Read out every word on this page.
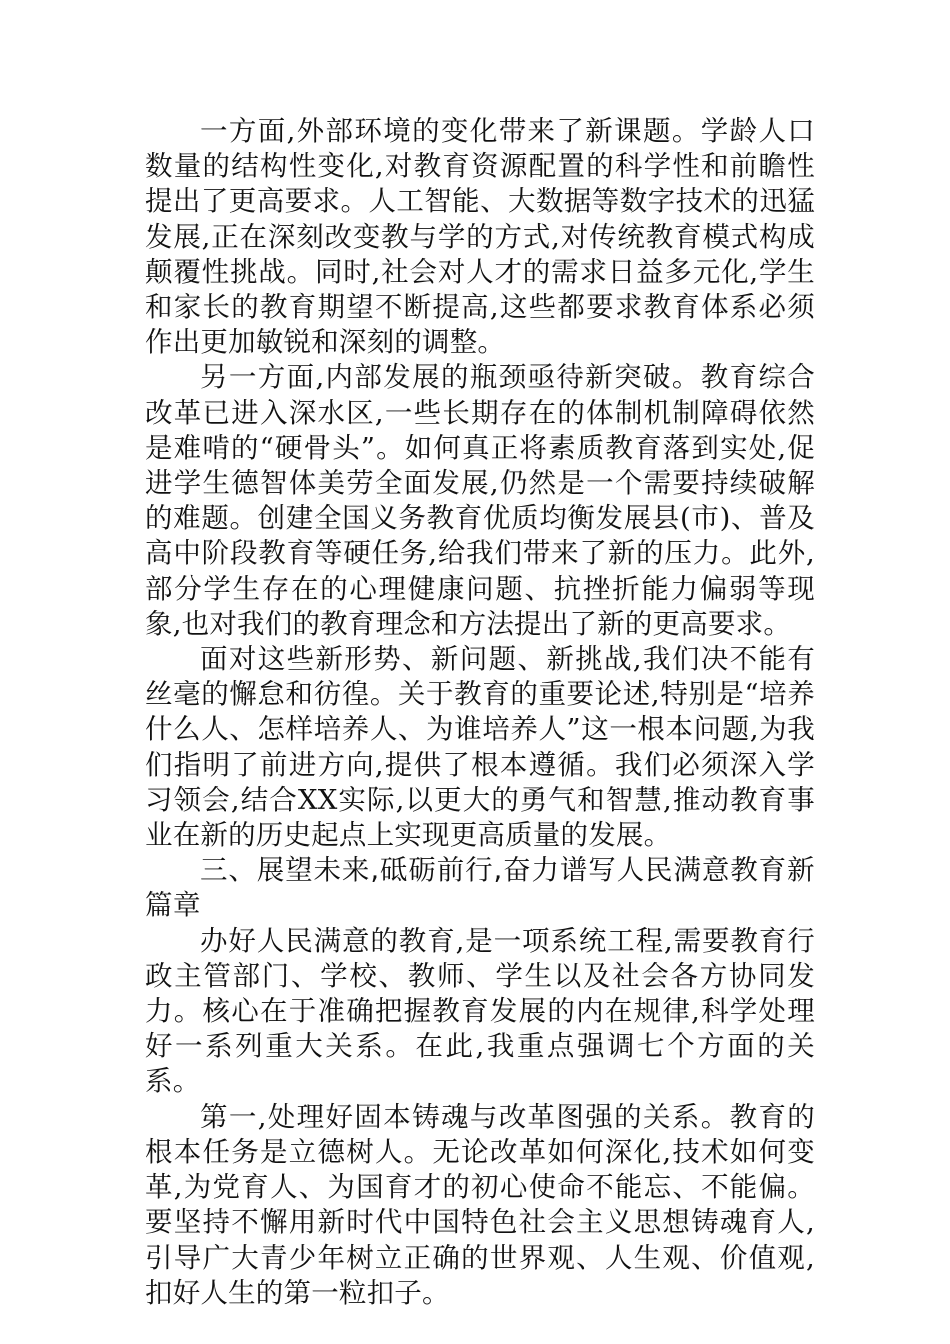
一方面,外部环境的变化带来了新课题。学龄人口数量的结构性变化,对教育资源配置的科学性和前瞻性提出了更高要求。人工智能、大数据等数字技术的迅猛发展,正在深刻改变教与学的方式,对传统教育模式构成颠覆性挑战。同时,社会对人才的需求日益多元化,学生和家长的教育期望不断提高,这些都要求教育体系必须作出更加敏锐和深刻的调整。

另一方面,内部发展的瓶颈亟待新突破。教育综合改革已进入深水区,一些长期存在的体制机制障碍依然是难啃的“硬骨头”。如何真正将素质教育落到实处,促进学生德智体美劳全面发展,仍然是一个需要持续破解的难题。创建全国义务教育优质均衡发展县(市)、普及高中阶段教育等硬任务,给我们带来了新的压力。此外,部分学生存在的心理健康问题、抗挫折能力偏弱等现象,也对我们的教育理念和方法提出了新的更高要求。

面对这些新形势、新问题、新挑战,我们决不能有丝毫的懈怠和彷徨。关于教育的重要论述,特别是“培养什么人、怎样培养人、为谁培养人”这一根本问题,为我们指明了前进方向,提供了根本遵循。我们必须深入学习领会,结合XX实际,以更大的勇气和智慧,推动教育事业在新的历史起点上实现更高质量的发展。

三、展望未来,砥砺前行,奋力谱写人民满意教育新篇章

办好人民满意的教育,是一项系统工程,需要教育行政主管部门、学校、教师、学生以及社会各方协同发力。核心在于准确把握教育发展的内在规律,科学处理好一系列重大关系。在此,我重点强调七个方面的关系。

第一,处理好固本铸魂与改革图强的关系。教育的根本任务是立德树人。无论改革如何深化,技术如何变革,为党育人、为国育才的初心使命不能忘、不能偏。要坚持不懈用新时代中国特色社会主义思想铸魂育人,引导广大青少年树立正确的世界观、人生观、价值观,扣好人生的第一粒扣子。
